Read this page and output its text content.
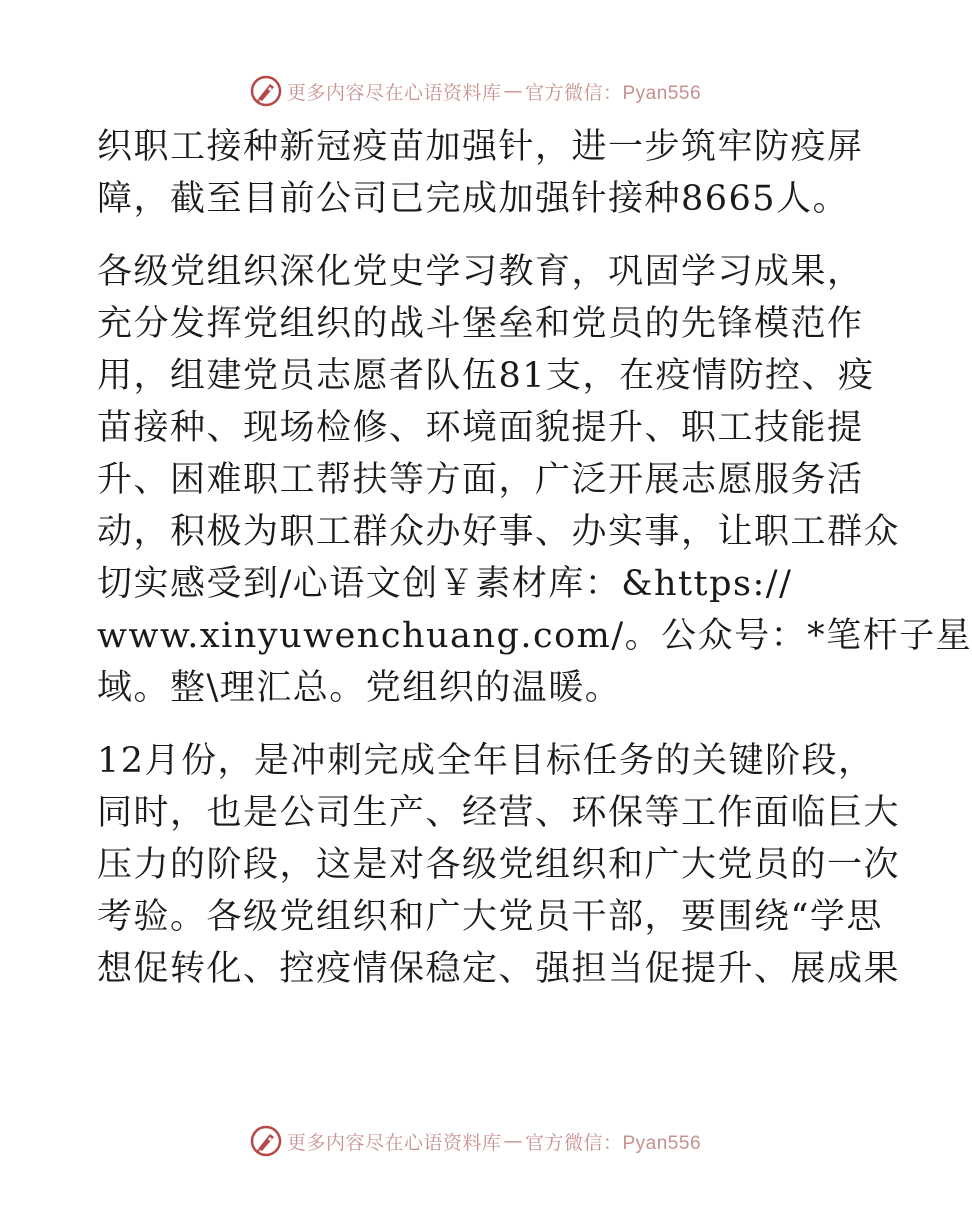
更多内容尽在心语资料库 — 官方微信：Pyan556
织职工接种新冠疫苗加强针，进一步筑牢防疫屏
障，截至目前公司已完成加强针接种8665人。
各级党组织深化党史学习教育，巩固学习成果，
充分发挥党组织的战斗堡垒和党员的先锋模范作
用，组建党员志愿者队伍81支，在疫情防控、疫
苗接种、现场检修、环境面貌提升、职工技能提
升、困难职工帮扶等方面，广泛开展志愿服务活
动，积极为职工群众办好事、办实事，让职工群众
切实感受到/心语文创￥素材库：&https://
www.xinyuwenchuang.com/。公众号：*笔杆子星
域。整\理汇总。党组织的温暖。
12月份，是冲刺完成全年目标任务的关键阶段，
同时，也是公司生产、经营、环保等工作面临巨大
压力的阶段，这是对各级党组织和广大党员的一次
考验。各级党组织和广大党员干部，要围绕“学思
想促转化、控疫情保稳定、强担当促提升、展成果
更多内容尽在心语资料库 — 官方微信：Pyan556
